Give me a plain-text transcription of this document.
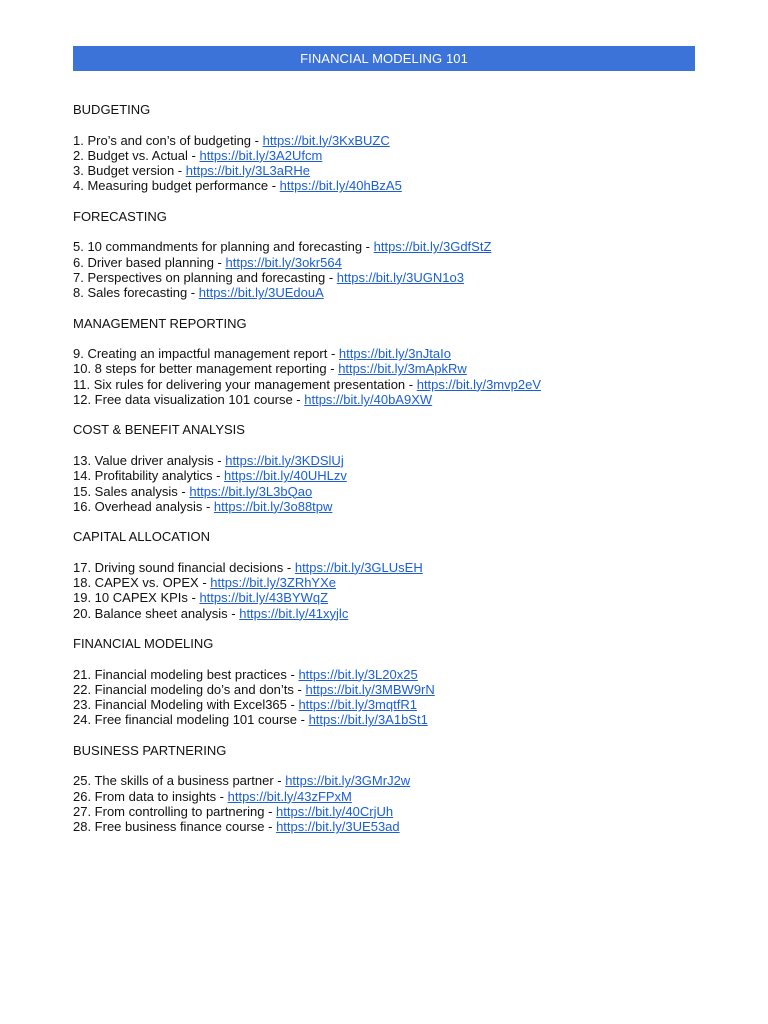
FINANCIAL MODELING 101
BUDGETING
1. Pro’s and con’s of budgeting - https://bit.ly/3KxBUZC
2. Budget vs. Actual - https://bit.ly/3A2Ufcm
3. Budget version - https://bit.ly/3L3aRHe
4. Measuring budget performance - https://bit.ly/40hBzA5
FORECASTING
5. 10 commandments for planning and forecasting - https://bit.ly/3GdfStZ
6. Driver based planning - https://bit.ly/3okr564
7. Perspectives on planning and forecasting - https://bit.ly/3UGN1o3
8. Sales forecasting - https://bit.ly/3UEdouA
MANAGEMENT REPORTING
9. Creating an impactful management report - https://bit.ly/3nJtaIo
10. 8 steps for better management reporting - https://bit.ly/3mApkRw
11. Six rules for delivering your management presentation - https://bit.ly/3mvp2eV
12. Free data visualization 101 course - https://bit.ly/40bA9XW
COST & BENEFIT ANALYSIS
13. Value driver analysis - https://bit.ly/3KDSlUj
14. Profitability analytics - https://bit.ly/40UHLzv
15. Sales analysis - https://bit.ly/3L3bQao
16. Overhead analysis - https://bit.ly/3o88tpw
CAPITAL ALLOCATION
17. Driving sound financial decisions - https://bit.ly/3GLUsEH
18. CAPEX vs. OPEX - https://bit.ly/3ZRhYXe
19. 10 CAPEX KPIs - https://bit.ly/43BYWqZ
20. Balance sheet analysis - https://bit.ly/41xyjlc
FINANCIAL MODELING
21. Financial modeling best practices - https://bit.ly/3L20x25
22. Financial modeling do’s and don’ts - https://bit.ly/3MBW9rN
23. Financial Modeling with Excel365 - https://bit.ly/3mqtfR1
24. Free financial modeling 101 course - https://bit.ly/3A1bSt1
BUSINESS PARTNERING
25. The skills of a business partner - https://bit.ly/3GMrJ2w
26. From data to insights - https://bit.ly/43zFPxM
27. From controlling to partnering - https://bit.ly/40CrjUh
28. Free business finance course - https://bit.ly/3UE53ad
